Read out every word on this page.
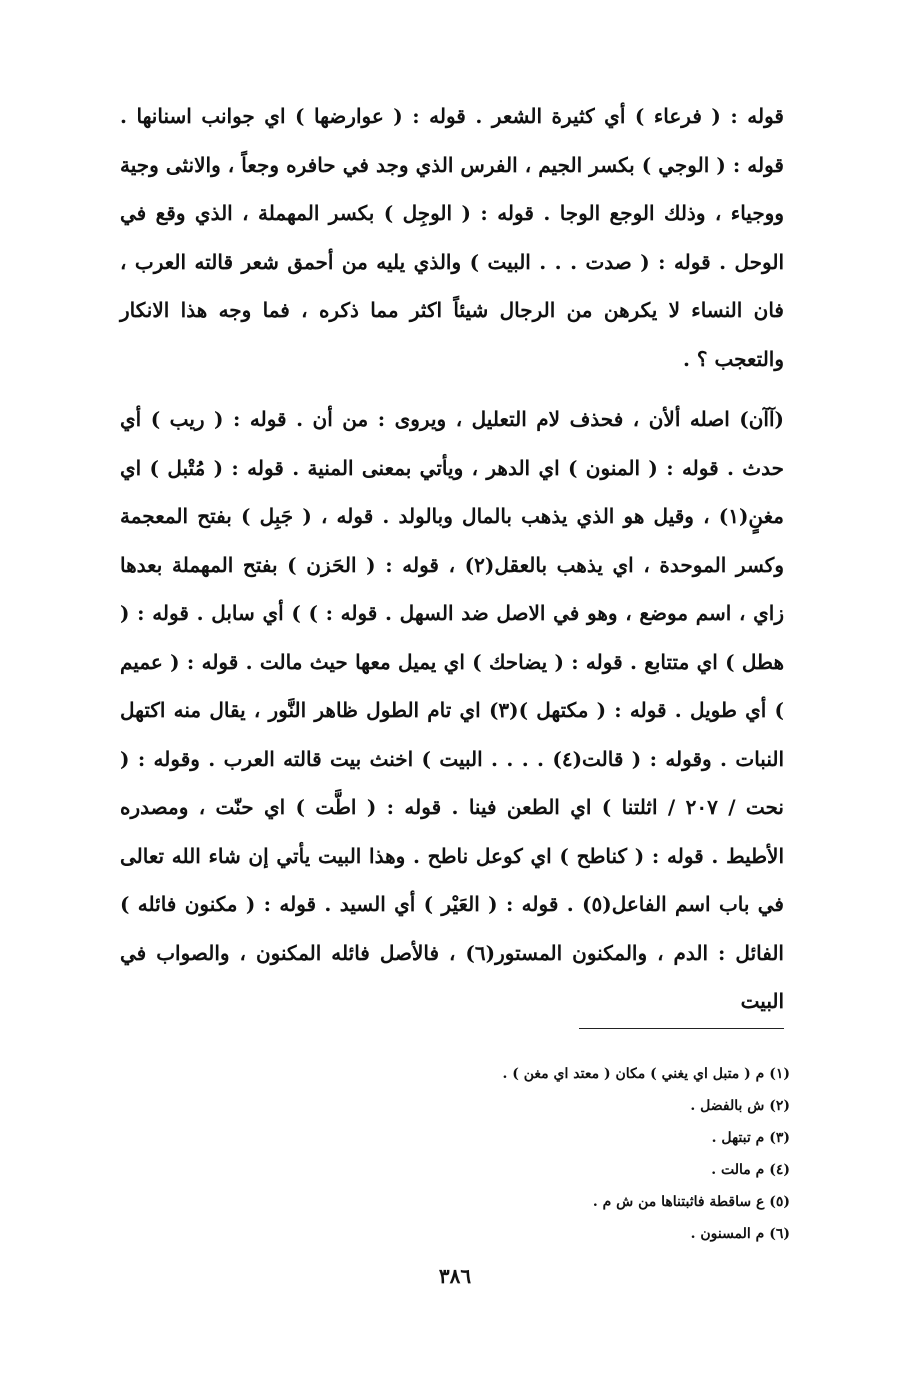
قوله : ( فرعاء ) أي كثيرة الشعر . قوله : ( عوارضها ) اي جوانب اسنانها . قوله : ( الوجي ) بكسر الجيم ، الفرس الذي وجد في حافره وجعاً ، والانثى وجية ووجياء ، وذلك الوجع الوجا . قوله : ( الوجِل ) بكسر المهملة ، الذي وقع في الوحل . قوله : ( صدت . . . البيت ) والذي يليه من أحمق شعر قالته العرب ، فان النساء لا يكرهن من الرجال شيئاً اكثر مما ذكره ، فما وجه هذا الانكار والتعجب ؟ .

(آآن) اصله ألأن ، فحذف لام التعليل ، ويروى : من أن . قوله : ( ريب ) أي حدث . قوله : ( المنون ) اي الدهر ، ويأتي بمعنى المنية . قوله : ( مُتْبل ) اي مغنٍ(١) ، وقيل هو الذي يذهب بالمال وبالولد . قوله ، ( جَبِل ) بفتح المعجمة وكسر الموحدة ، اي يذهب بالعقل(٢) ، قوله : ( الحَزن ) بفتح المهملة بعدها زاي ، اسم موضع ، وهو في الاصل ضد السهل . قوله : ) ) أي سابل . قوله : ( هطل ) اي متتابع . قوله : ( يضاحك ) اي يميل معها حيث مالت . قوله : ( عميم ) أي طويل . قوله : ( مكتهل )(٣) اي تام الطول ظاهر النَّور ، يقال منه اكتهل النبات . وقوله : ( قالت(٤) . . . . البيت ) اخنث بيت قالته العرب . وقوله : ( نحت / ٢٠٧ / اثلتنا ) اي الطعن فينا . قوله : ( اطَّت ) اي حنّت ، ومصدره الأطيط . قوله : ( كناطح ) اي كوعل ناطح . وهذا البيت يأتي إن شاء الله تعالى في باب اسم الفاعل(٥) . قوله : ( العَيْر ) أي السيد . قوله : ( مكنون فائله ) الفائل : الدم ، والمكنون المستور(٦) ، فالأصل فائله المكنون ، والصواب في البيت

(١) م ( متبل اي يغني ) مكان ( معتد اي مغن ) .
(٢) ش بالفضل .
(٣) م تبتهل .
(٤) م مالت .
(٥) ع ساقطة فاثبتناها من ش م .
(٦) م المسنون .
٣٨٦
